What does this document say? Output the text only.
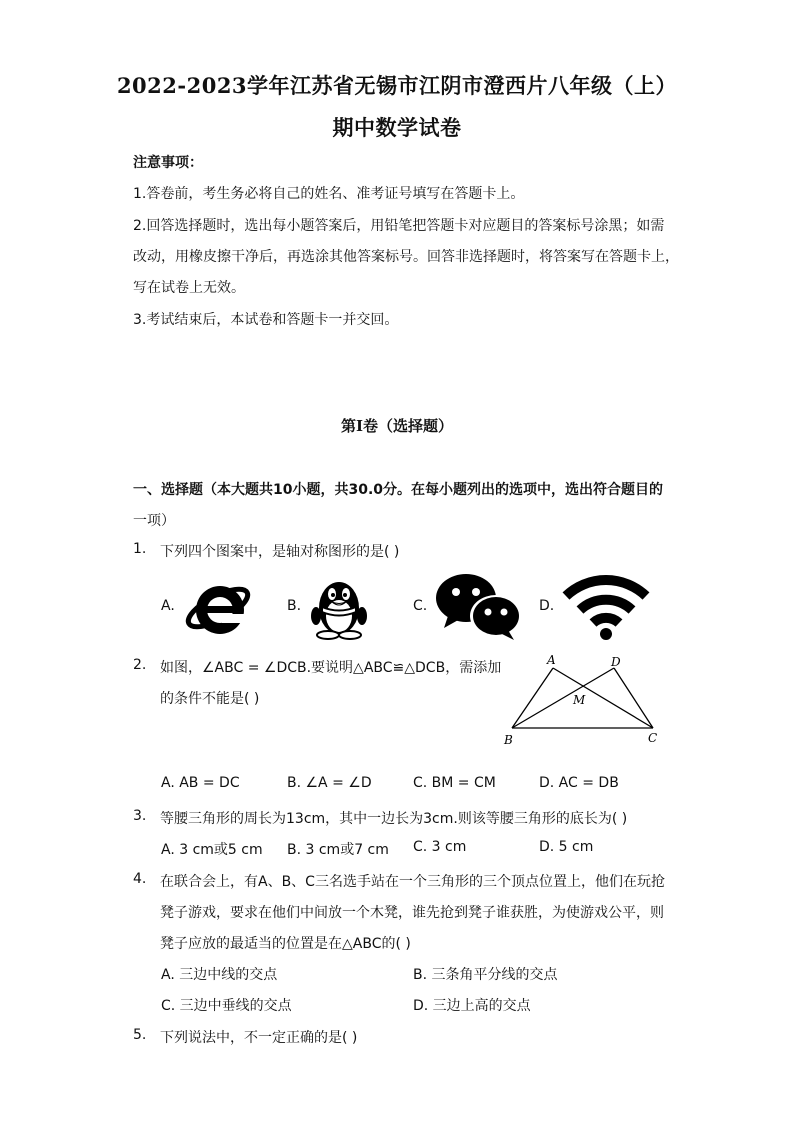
2022-2023学年江苏省无锡市江阴市澄西片八年级（上）
期中数学试卷
注意事项：
1.答卷前，考生务必将自己的姓名、准考证号填写在答题卡上。
2.回答选择题时，选出每小题答案后，用铅笔把答题卡对应题目的答案标号涂黑；如需
改动，用橡皮擦干净后，再选涂其他答案标号。回答非选择题时，将答案写在答题卡上，
写在试卷上无效。
3.考试结束后，本试卷和答题卡一并交回。
第I卷（选择题）
一、选择题（本大题共10小题，共30.0分。在每小题列出的选项中，选出符合题目的
一项）
1. 下列四个图案中，是轴对称图形的是( )
A.	B.	C.	D.
2. 如图，∠ABC = ∠DCB.要说明△ABC≌△DCB，需添加
的条件不能是( )
A	D
M
B	C
A. AB = DC	B. ∠A = ∠D	C. BM = CM	D. AC = DB
3. 等腰三角形的周长为13cm，其中一边长为3cm.则该等腰三角形的底长为( )
A. 3 cm或5 cm B. 3 cm或7 cm C. 3 cm	D. 5 cm
4. 在联合会上，有A、B、C三名选手站在一个三角形的三个顶点位置上，他们在玩抢
凳子游戏，要求在他们中间放一个木凳，谁先抢到凳子谁获胜，为使游戏公平，则
凳子应放的最适当的位置是在△ABC的( )
A. 三边中线的交点	B. 三条角平分线的交点
C. 三边中垂线的交点	D. 三边上高的交点
5. 下列说法中，不一定正确的是( )
